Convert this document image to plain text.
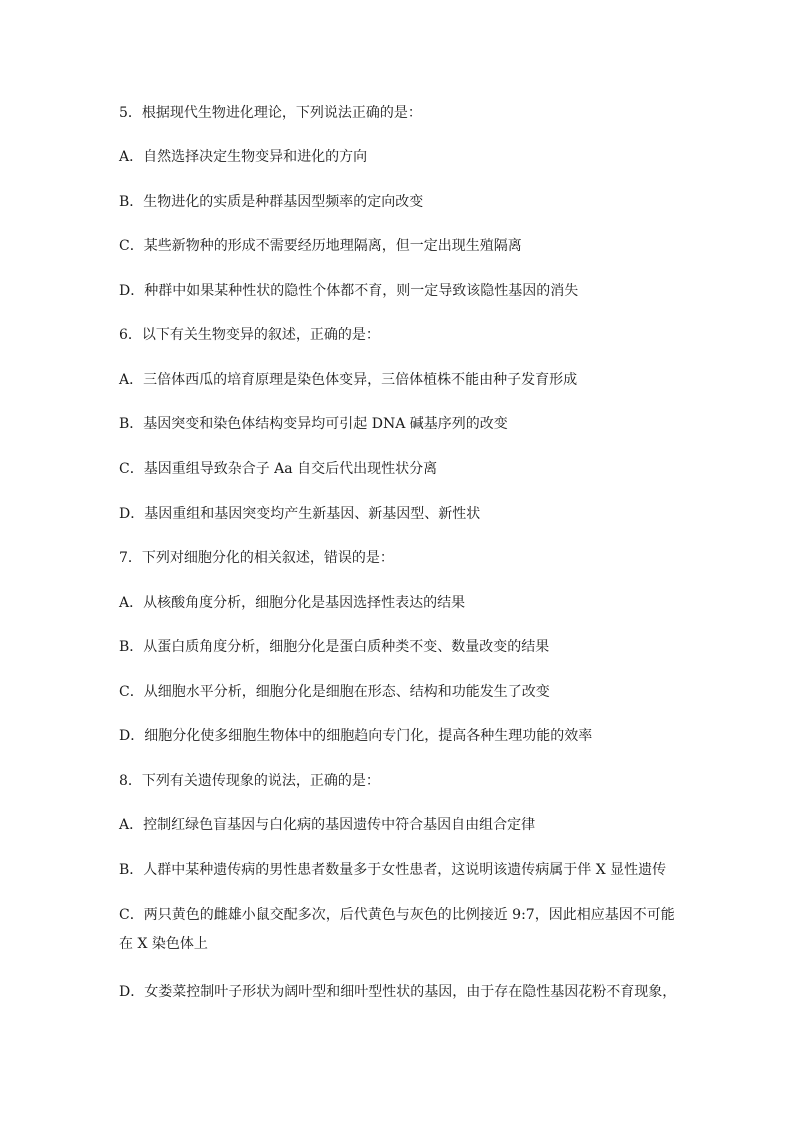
5．根据现代生物进化理论，下列说法正确的是：
A．自然选择决定生物变异和进化的方向
B．生物进化的实质是种群基因型频率的定向改变
C．某些新物种的形成不需要经历地理隔离，但一定出现生殖隔离
D．种群中如果某种性状的隐性个体都不育，则一定导致该隐性基因的消失
6．以下有关生物变异的叙述，正确的是：
A．三倍体西瓜的培育原理是染色体变异，三倍体植株不能由种子发育形成
B．基因突变和染色体结构变异均可引起 DNA 碱基序列的改变
C．基因重组导致杂合子 Aa 自交后代出现性状分离
D．基因重组和基因突变均产生新基因、新基因型、新性状
7．下列对细胞分化的相关叙述，错误的是：
A．从核酸角度分析，细胞分化是基因选择性表达的结果
B．从蛋白质角度分析，细胞分化是蛋白质种类不变、数量改变的结果
C．从细胞水平分析，细胞分化是细胞在形态、结构和功能发生了改变
D．细胞分化使多细胞生物体中的细胞趋向专门化，提高各种生理功能的效率
8．下列有关遗传现象的说法，正确的是：
A．控制红绿色盲基因与白化病的基因遗传中符合基因自由组合定律
B．人群中某种遗传病的男性患者数量多于女性患者，这说明该遗传病属于伴 X 显性遗传
C．两只黄色的雌雄小鼠交配多次，后代黄色与灰色的比例接近 9:7，因此相应基因不可能
在 X 染色体上
D．女娄菜控制叶子形状为阔叶型和细叶型性状的基因，由于存在隐性基因花粉不育现象，
